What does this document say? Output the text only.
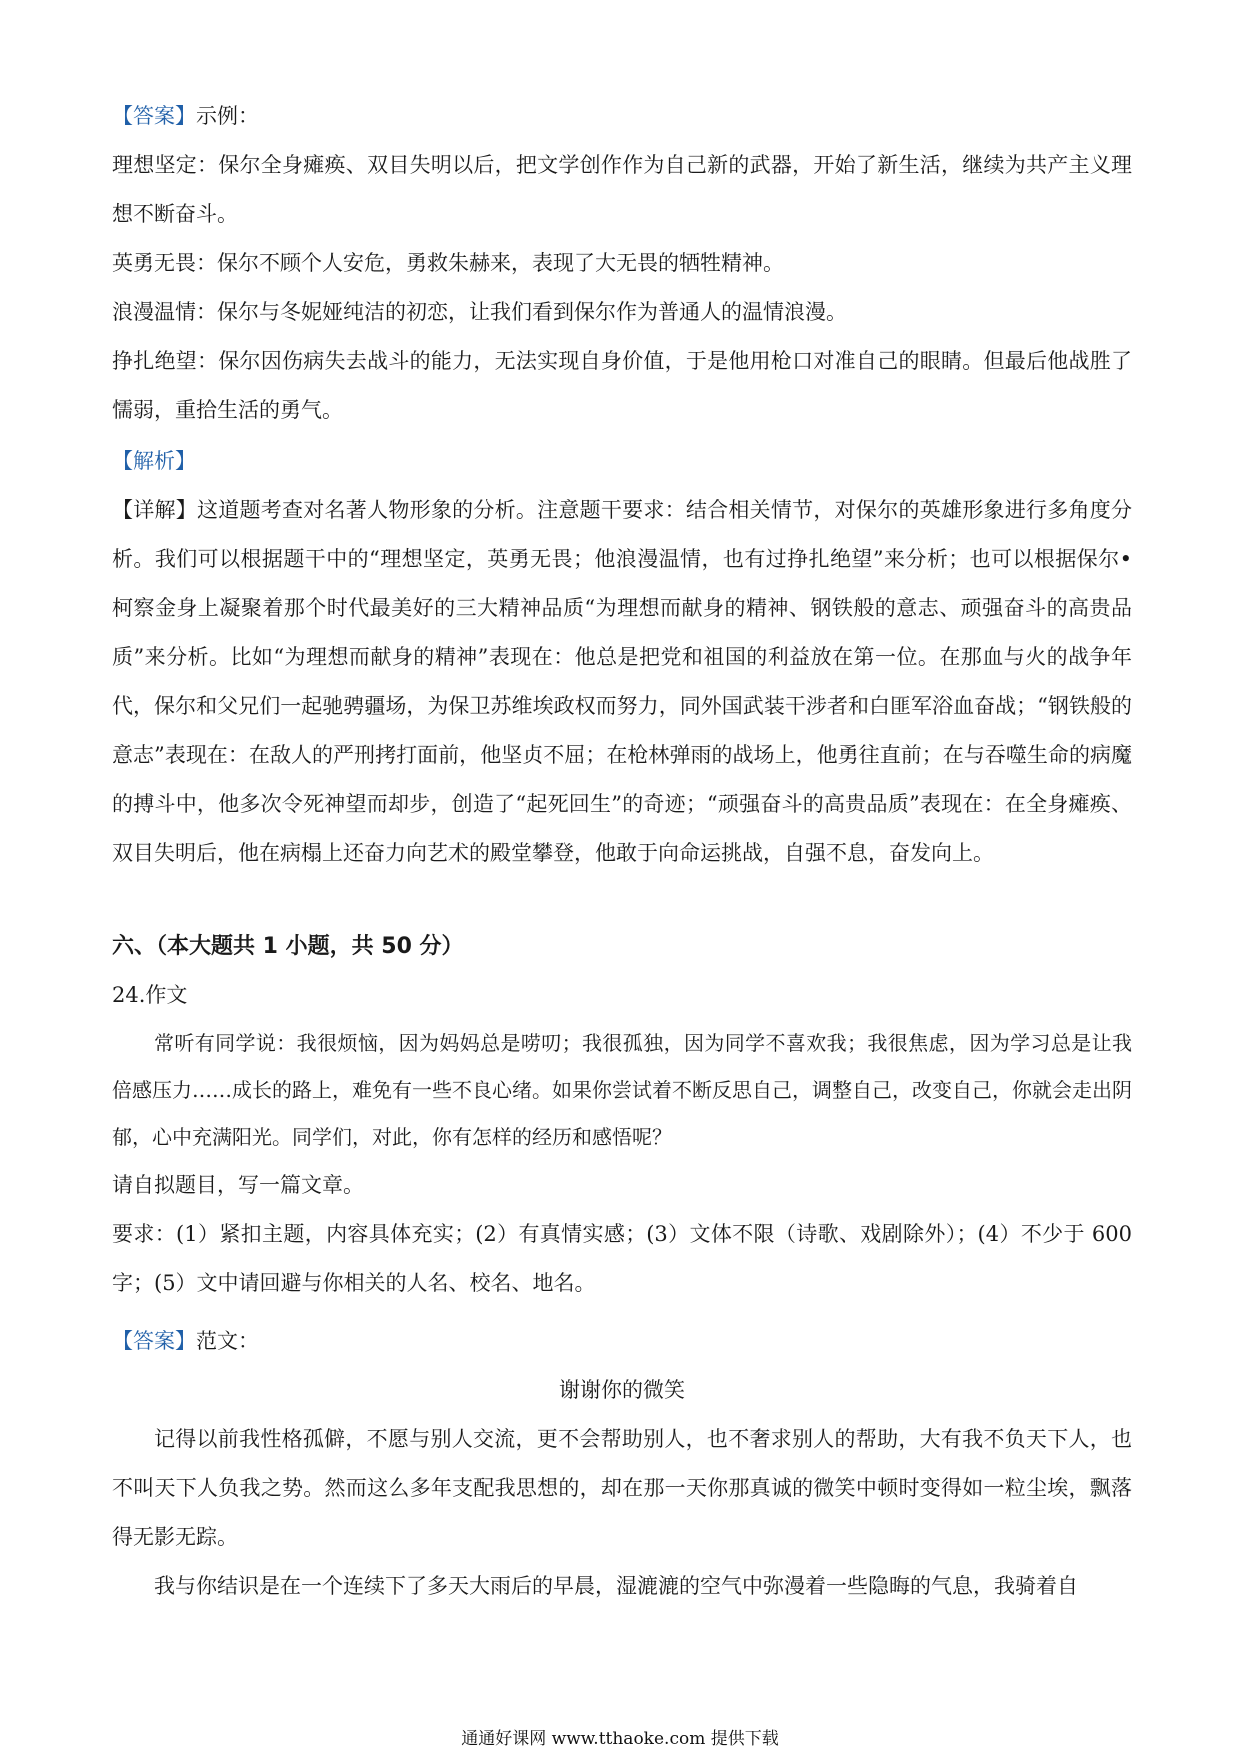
【答案】示例：

理想坚定：保尔全身瘫痪、双目失明以后，把文学创作作为自己新的武器，开始了新生活，继续为共产主义理想不断奋斗。

英勇无畏：保尔不顾个人安危，勇救朱赫来，表现了大无畏的牺牲精神。

浪漫温情：保尔与冬妮娅纯洁的初恋，让我们看到保尔作为普通人的温情浪漫。

挣扎绝望：保尔因伤病失去战斗的能力，无法实现自身价值，于是他用枪口对准自己的眼睛。但最后他战胜了懦弱，重拾生活的勇气。

【解析】

【详解】这道题考查对名著人物形象的分析。注意题干要求：结合相关情节，对保尔的英雄形象进行多角度分析。我们可以根据题干中的“理想坚定，英勇无畏；他浪漫温情，也有过挣扎绝望”来分析；也可以根据保尔•柯察金身上凝聚着那个时代最美好的三大精神品质“为理想而献身的精神、钢铁般的意志、顽强奋斗的高贵品质”来分析。比如“为理想而献身的精神”表现在：他总是把党和祖国的利益放在第一位。在那血与火的战争年代，保尔和父兄们一起驰骋疆场，为保卫苏维埃政权而努力，同外国武装干涉者和白匪军浴血奋战；“钢铁般的意志”表现在：在敌人的严刑拷打面前，他坚贞不屈；在枪林弹雨的战场上，他勇往直前；在与吞噬生命的病魔的搏斗中，他多次令死神望而却步，创造了“起死回生”的奇迹；“顽强奋斗的高贵品质”表现在：在全身瘫痪、双目失明后，他在病榻上还奋力向艺术的殿堂攀登，他敢于向命运挑战，自强不息，奋发向上。

六、（本大题共 1 小题，共 50 分）

24.作文

常听有同学说：我很烦恼，因为妈妈总是唠叨；我很孤独，因为同学不喜欢我；我很焦虑，因为学习总是让我倍感压力……成长的路上，难免有一些不良心绪。如果你尝试着不断反思自己，调整自己，改变自己，你就会走出阴郁，心中充满阳光。同学们，对此，你有怎样的经历和感悟呢？

请自拟题目，写一篇文章。

要求：(1）紧扣主题，内容具体充实；(2）有真情实感；(3）文体不限（诗歌、戏剧除外）；(4）不少于 600 字；(5）文中请回避与你相关的人名、校名、地名。

【答案】范文：

谢谢你的微笑

记得以前我性格孤僻，不愿与别人交流，更不会帮助别人，也不奢求别人的帮助，大有我不负天下人，也不叫天下人负我之势。然而这么多年支配我思想的，却在那一天你那真诚的微笑中顿时变得如一粒尘埃，飘落得无影无踪。

我与你结识是在一个连续下了多天大雨后的早晨，湿漉漉的空气中弥漫着一些隐晦的气息，我骑着自

通通好课网 www.tthaoke.com 提供下载
